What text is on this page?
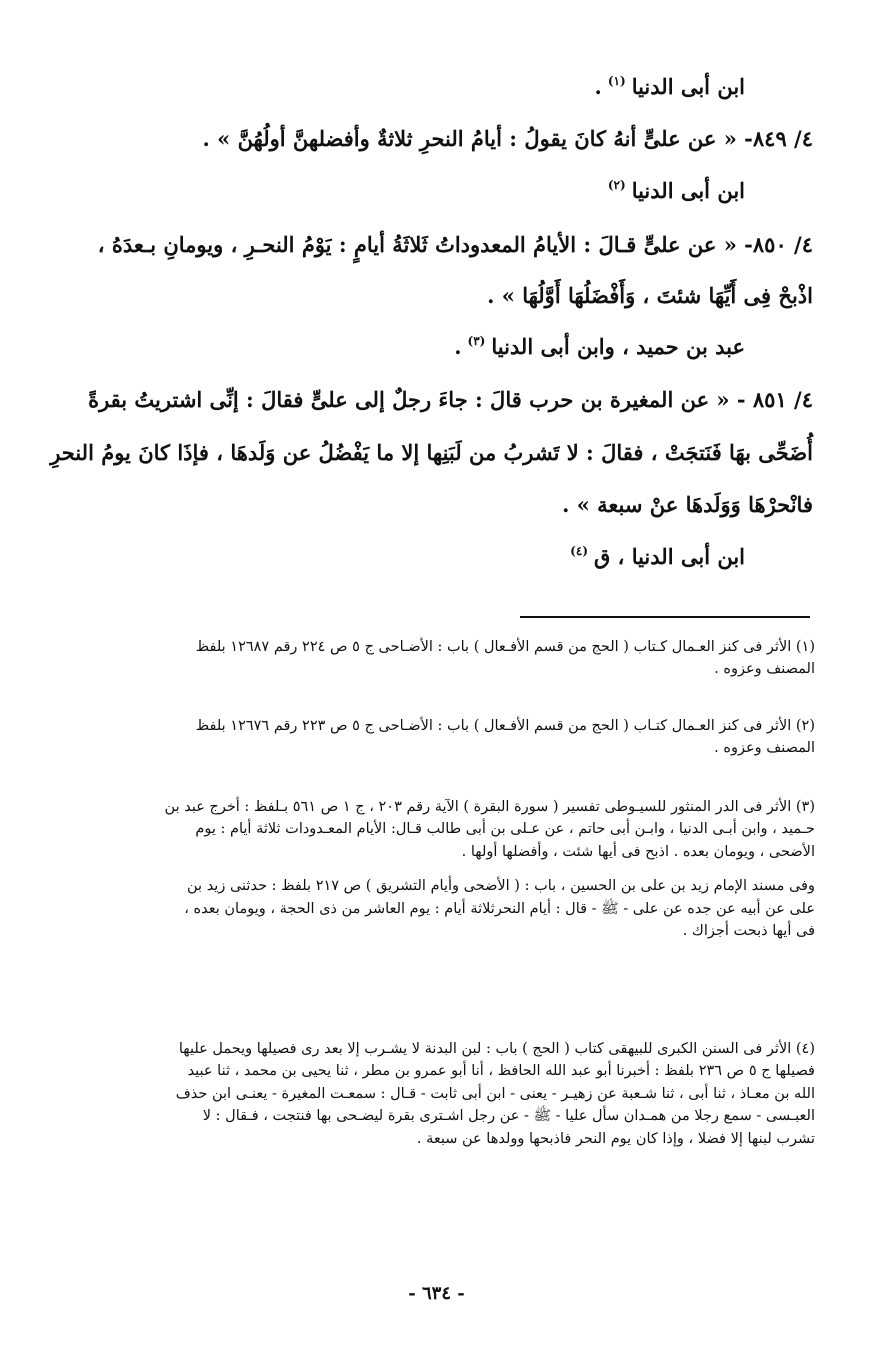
ابن أبى الدنيا$^{(١)}$.
٤/ ٨٤٩- « عن علىٍّ أنهُ كانَ يقولُ : أيامُ النحرِ ثلاثةٌ وأفضلهنَّ أولُهُنَّ » .
ابن أبى الدنيا$^{(٢)}$
٤/ ٨٥٠- « عن علىٍّ قـالَ : الأيامُ المعدوداتُ ثَلاثَةُ أيامٍ : يَوْمُ النحـرِ ، ويومانِ بـعدَهُ ،
اذْبحْ فِى أَيِّهَا شئتَ ، وَأَفْضَلُهَا أَوَّلُهَا » .
عبد بن حميد ، وابن أبى الدنيا$^{(٣)}$.
٤/ ٨٥١ - « عن المغيرة بن حرب قالَ : جاءَ رجلٌ إلى علىٍّ فقالَ : إنِّى اشتريتُ بقرةً
أُضَحِّى بهَا فَنَتجَتْ ، فقالَ : لا تَشربُ من لَبَنِها إلا ما يَفْضُلُ عن وَلَدهَا ، فإذَا كانَ يومُ النحرِ
فانْحرْهَا وَوَلَدهَا عنْ سبعة » .
ابن أبى الدنيا ، ق$^{(٤)}$
(١) الأثر فى كنز العـمال كـتاب ( الحج من قسم الأفـعال ) باب : الأضـاحى ج ٥ ص ٢٢٤ رقم ١٢٦٨٧ بلفظ
المصنف وعزوه .
(٢) الأثر فى كنز العـمال كتـاب ( الحج من قسم الأفـعال ) باب : الأضـاحى ج ٥ ص ٢٢٣ رقم ١٢٦٧٦ بلفظ
المصنف وعزوه .
(٣) الأثر فى الدر المنثور للسيـوطى تفسير ( سورة البقرة ) الآية رقم ٢٠٣ ، ج ١ ص ٥٦١ بـلفظ : أخرج عبد بن
حـميد ، وابن أبـى الدنيا ، وابـن أبى حاتم ، عن عـلى بن أبى طالب قـال: الأيام المعـدودات ثلاثة أيام : يوم
الأضحى ، ويومان بعده . اذبح فى أيها شئت ، وأفضلها أولها .
وفى مسند الإمام زيد بن على بن الحسين ، باب : ( الأضحى وأيام التشريق ) ص ٢١٧ بلفظ : حدثنى زيد بن
على عن أبيه عن جده عن على - ﷺ - قال : أيام النحرثلاثة أيام : يوم العاشر من ذى الحجة ، ويومان بعده ،
فى أيها ذبحت أجزاك .
(٤) الأثر فى السنن الكبرى للبيهقى كتاب ( الحج ) باب : لبن البدنة لا يشـرب إلا بعد رى فصيلها ويحمل عليها
فصيلها ج ٥ ص ٢٣٦ بلفظ : أخبرنا أبو عبد الله الحافظ ، أنا أبو عمرو بن مطر ، ثنا يحيى بن محمد ، ثنا عبيد
الله بن معـاذ ، ثنا أبى ، ثنا شـعبة عن زهيـر - يعنى - ابن أبى ثابت - قـال : سمعـت المغيرة - يعنـى ابن حذف
العبـسى - سمع رجلا من همـدان سأل عليا - ﷺ - عن رجل اشـترى بقرة ليضـحى بها فنتجت ، فـقال : لا
تشرب لبنها إلا فضلا ، وإذا كان يوم النحر فاذبحها وولدها عن سبعة .
- ٦٣٤ -
